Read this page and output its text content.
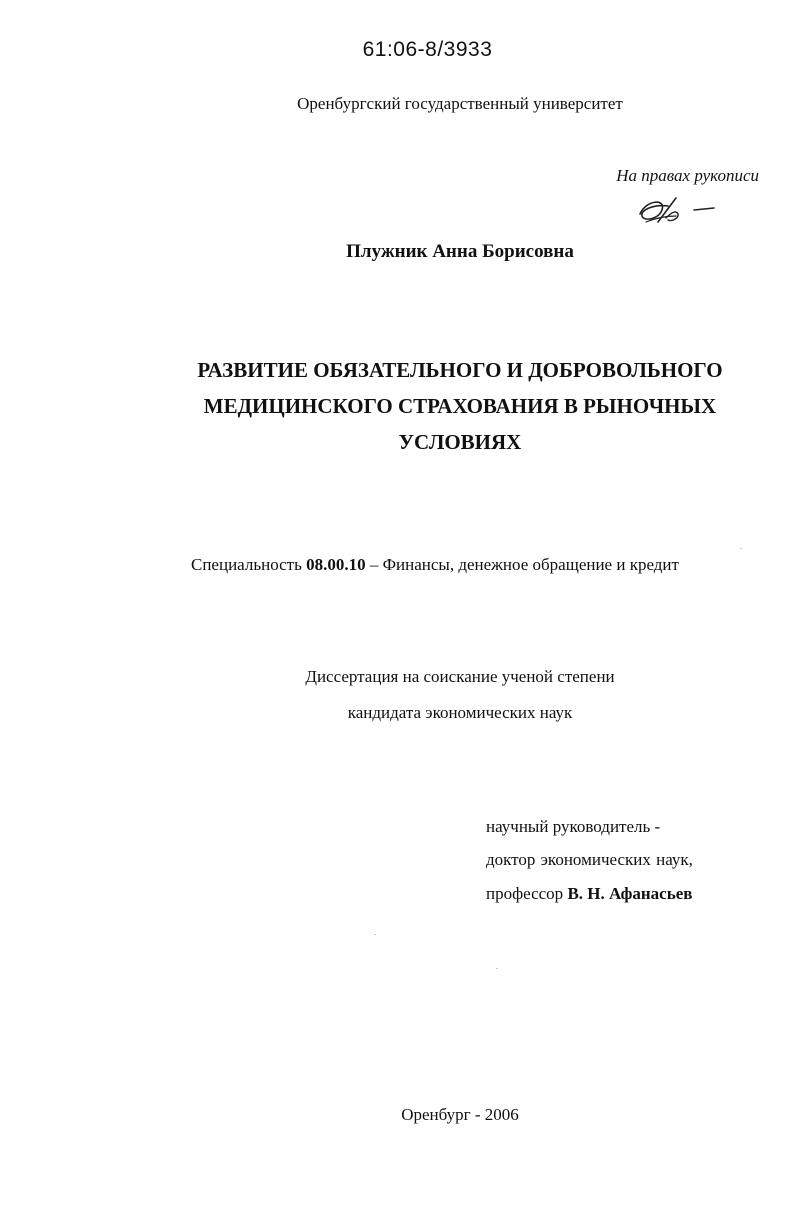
61:06-8/3933
Оренбургский государственный университет
На правах рукописи
Плужник Анна Борисовна
РАЗВИТИЕ ОБЯЗАТЕЛЬНОГО И ДОБРОВОЛЬНОГО
МЕДИЦИНСКОГО СТРАХОВАНИЯ В РЫНОЧНЫХ
УСЛОВИЯХ
Специальность 08.00.10 – Финансы, денежное обращение и кредит
Диссертация на соискание ученой степени
кандидата экономических наук
научный руководитель -
доктор экономических наук,
профессор В. Н. Афанасьев
Оренбург - 2006
